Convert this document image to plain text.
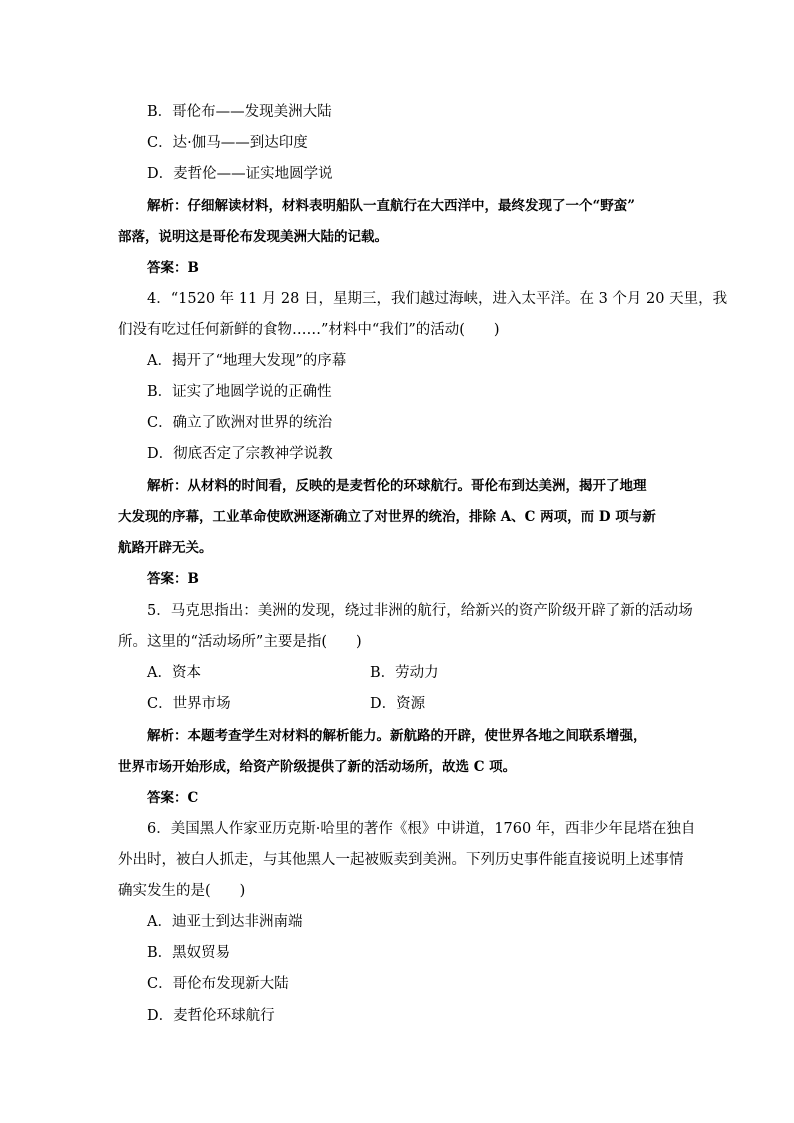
B．哥伦布——发现美洲大陆
C．达·伽马——到达印度
D．麦哲伦——证实地圆学说
解析：仔细解读材料，材料表明船队一直航行在大西洋中，最终发现了一个“野蛮”
部落，说明这是哥伦布发现美洲大陆的记载。
答案：B
4．“1520 年 11 月 28 日，星期三，我们越过海峡，进入太平洋。在 3 个月 20 天里，我
们没有吃过任何新鲜的食物……”材料中“我们”的活动(　　)
A．揭开了“地理大发现”的序幕
B．证实了地圆学说的正确性
C．确立了欧洲对世界的统治
D．彻底否定了宗教神学说教
解析：从材料的时间看，反映的是麦哲伦的环球航行。哥伦布到达美洲，揭开了地理
大发现的序幕，工业革命使欧洲逐渐确立了对世界的统治，排除 A、C 两项，而 D 项与新
航路开辟无关。
答案：B
5．马克思指出：美洲的发现，绕过非洲的航行，给新兴的资产阶级开辟了新的活动场
所。这里的“活动场所”主要是指(　　)
A．资本	B．劳动力
C．世界市场	D．资源
解析：本题考查学生对材料的解析能力。新航路的开辟，使世界各地之间联系增强，
世界市场开始形成，给资产阶级提供了新的活动场所，故选 C 项。
答案：C
6．美国黑人作家亚历克斯·哈里的著作《根》中讲道，1760 年，西非少年昆塔在独自
外出时，被白人抓走，与其他黑人一起被贩卖到美洲。下列历史事件能直接说明上述事情
确实发生的是(　　)
A．迪亚士到达非洲南端
B．黑奴贸易
C．哥伦布发现新大陆
D．麦哲伦环球航行
